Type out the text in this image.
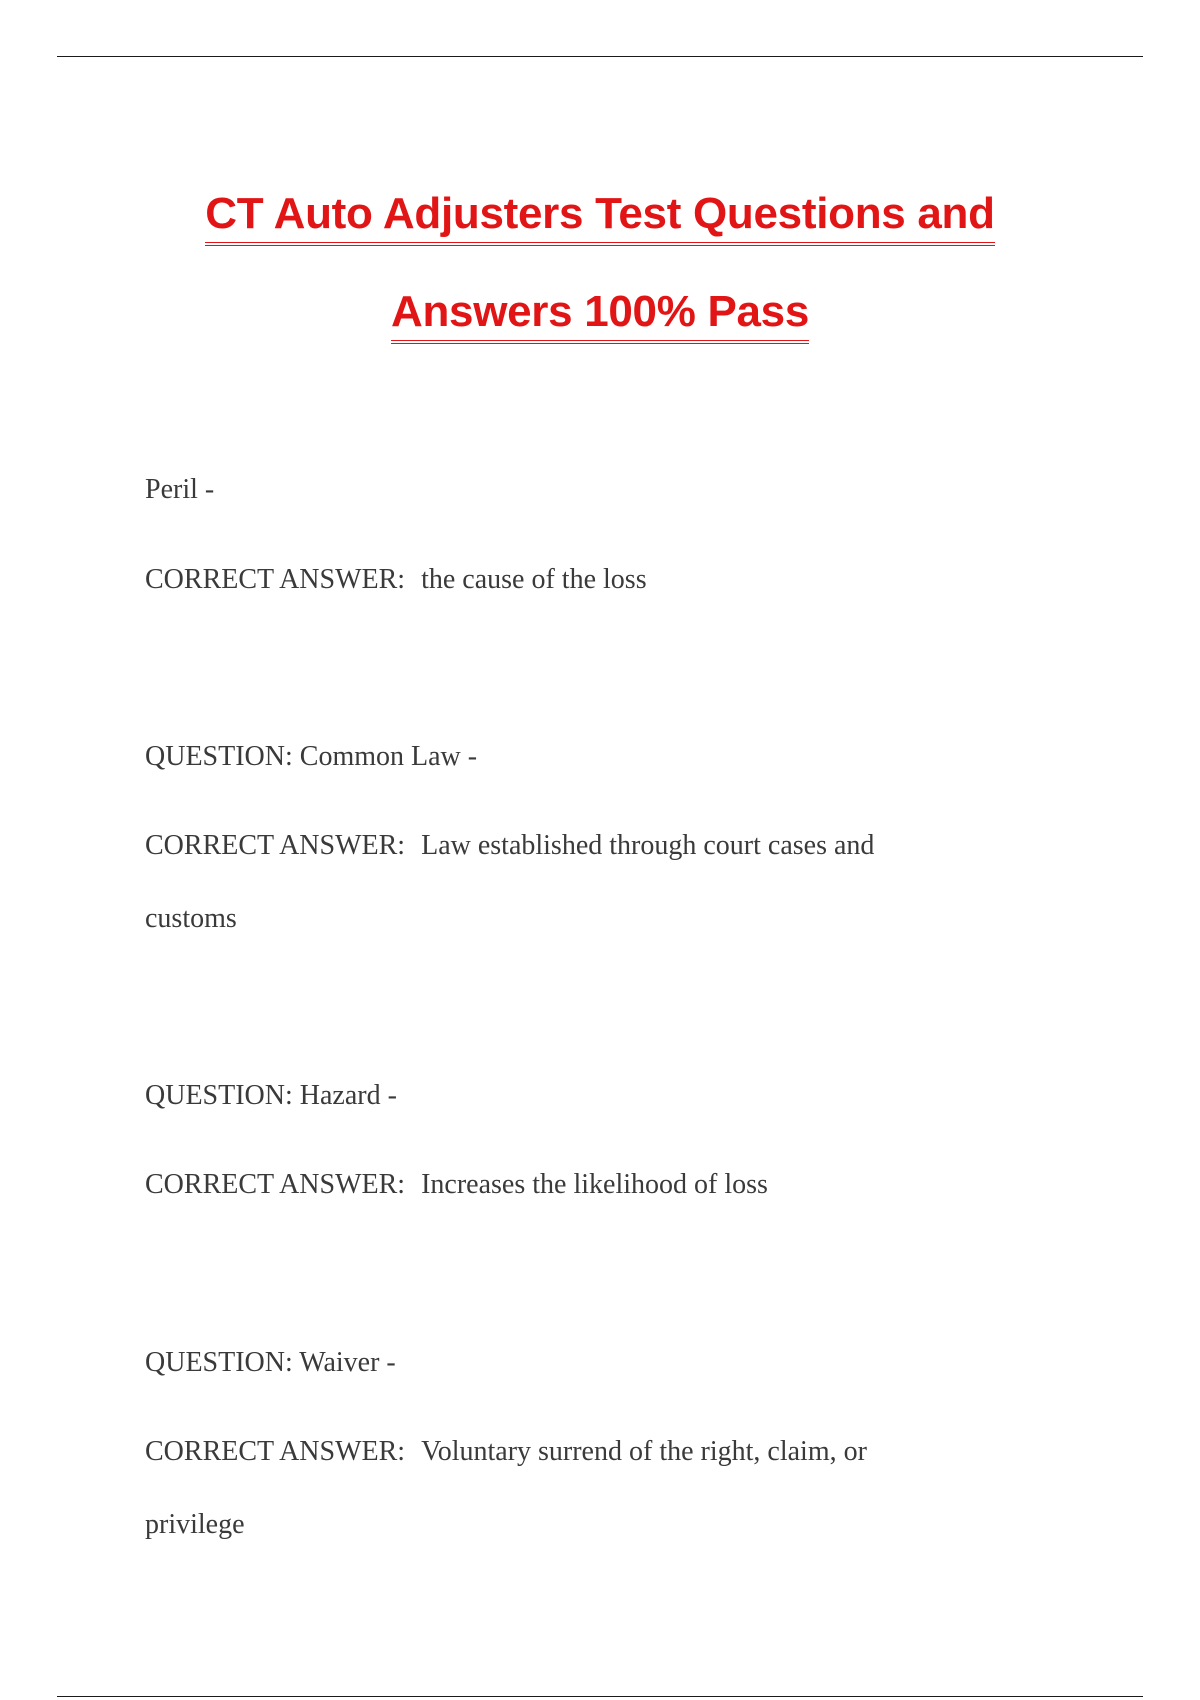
CT Auto Adjusters Test Questions and
Answers 100% Pass
Peril -
CORRECT ANSWER: the cause of the loss
QUESTION: Common Law -
CORRECT ANSWER: Law established through court cases and
customs
QUESTION: Hazard -
CORRECT ANSWER: Increases the likelihood of loss
QUESTION: Waiver -
CORRECT ANSWER: Voluntary surrend of the right, claim, or
privilege
